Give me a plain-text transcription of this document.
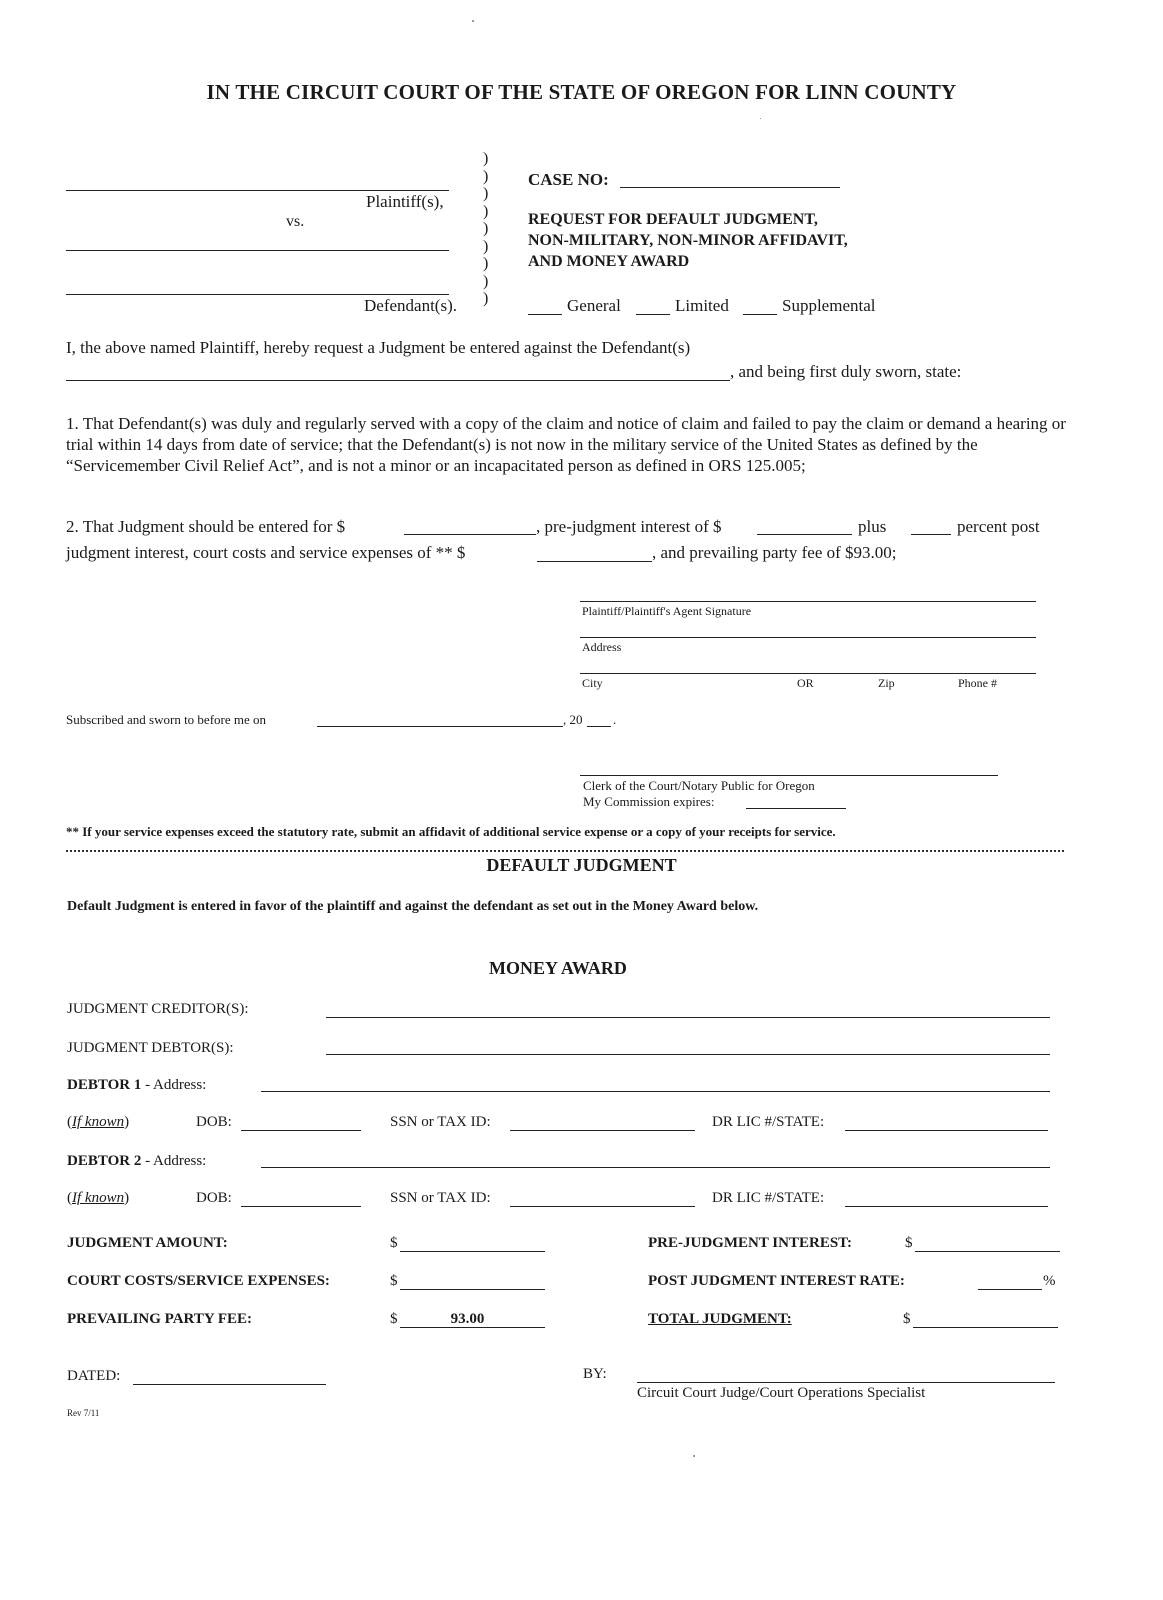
IN THE CIRCUIT COURT OF THE STATE OF OREGON FOR LINN COUNTY
Plaintiff(s),
vs.
Defendant(s).
)
)
)
)
)
)
)
)
)
CASE NO:
REQUEST FOR DEFAULT JUDGMENT,
NON-MILITARY, NON-MINOR AFFIDAVIT,
AND MONEY AWARD
General	Limited	Supplemental
I, the above named Plaintiff, hereby request a Judgment be entered against the Defendant(s)
, and being first duly sworn, state:
1. That Defendant(s) was duly and regularly served with a copy of the claim and notice of claim and failed to pay the claim or demand a hearing or trial within 14 days from date of service; that the Defendant(s) is not now in the military service of the United States as defined by the “Servicemember Civil Relief Act”, and is not a minor or an incapacitated person as defined in ORS 125.005;
2. That Judgment should be entered for $	, pre-judgment interest of $	plus	percent post
judgment interest, court costs and service expenses of ** $	, and prevailing party fee of $93.00;
Plaintiff/Plaintiff's Agent Signature
Address
City	OR	Zip	Phone #
Subscribed and sworn to before me on	, 20 .
Clerk of the Court/Notary Public for Oregon
My Commission expires:
** If your service expenses exceed the statutory rate, submit an affidavit of additional service expense or a copy of your receipts for service.
DEFAULT JUDGMENT
Default Judgment is entered in favor of the plaintiff and against the defendant as set out in the Money Award below.
MONEY AWARD
JUDGMENT CREDITOR(S):
JUDGMENT DEBTOR(S):
DEBTOR 1 - Address:
(If known)	DOB:	SSN or TAX ID:	DR LIC #/STATE:
DEBTOR 2 - Address:
(If known)	DOB:	SSN or TAX ID:	DR LIC #/STATE:
JUDGMENT AMOUNT:	$	PRE-JUDGMENT INTEREST:	$
COURT COSTS/SERVICE EXPENSES:	$	POST JUDGMENT INTEREST RATE:	%
PREVAILING PARTY FEE:	$	93.00	TOTAL JUDGMENT:	$
DATED:	BY:
Circuit Court Judge/Court Operations Specialist
Rev 7/11
